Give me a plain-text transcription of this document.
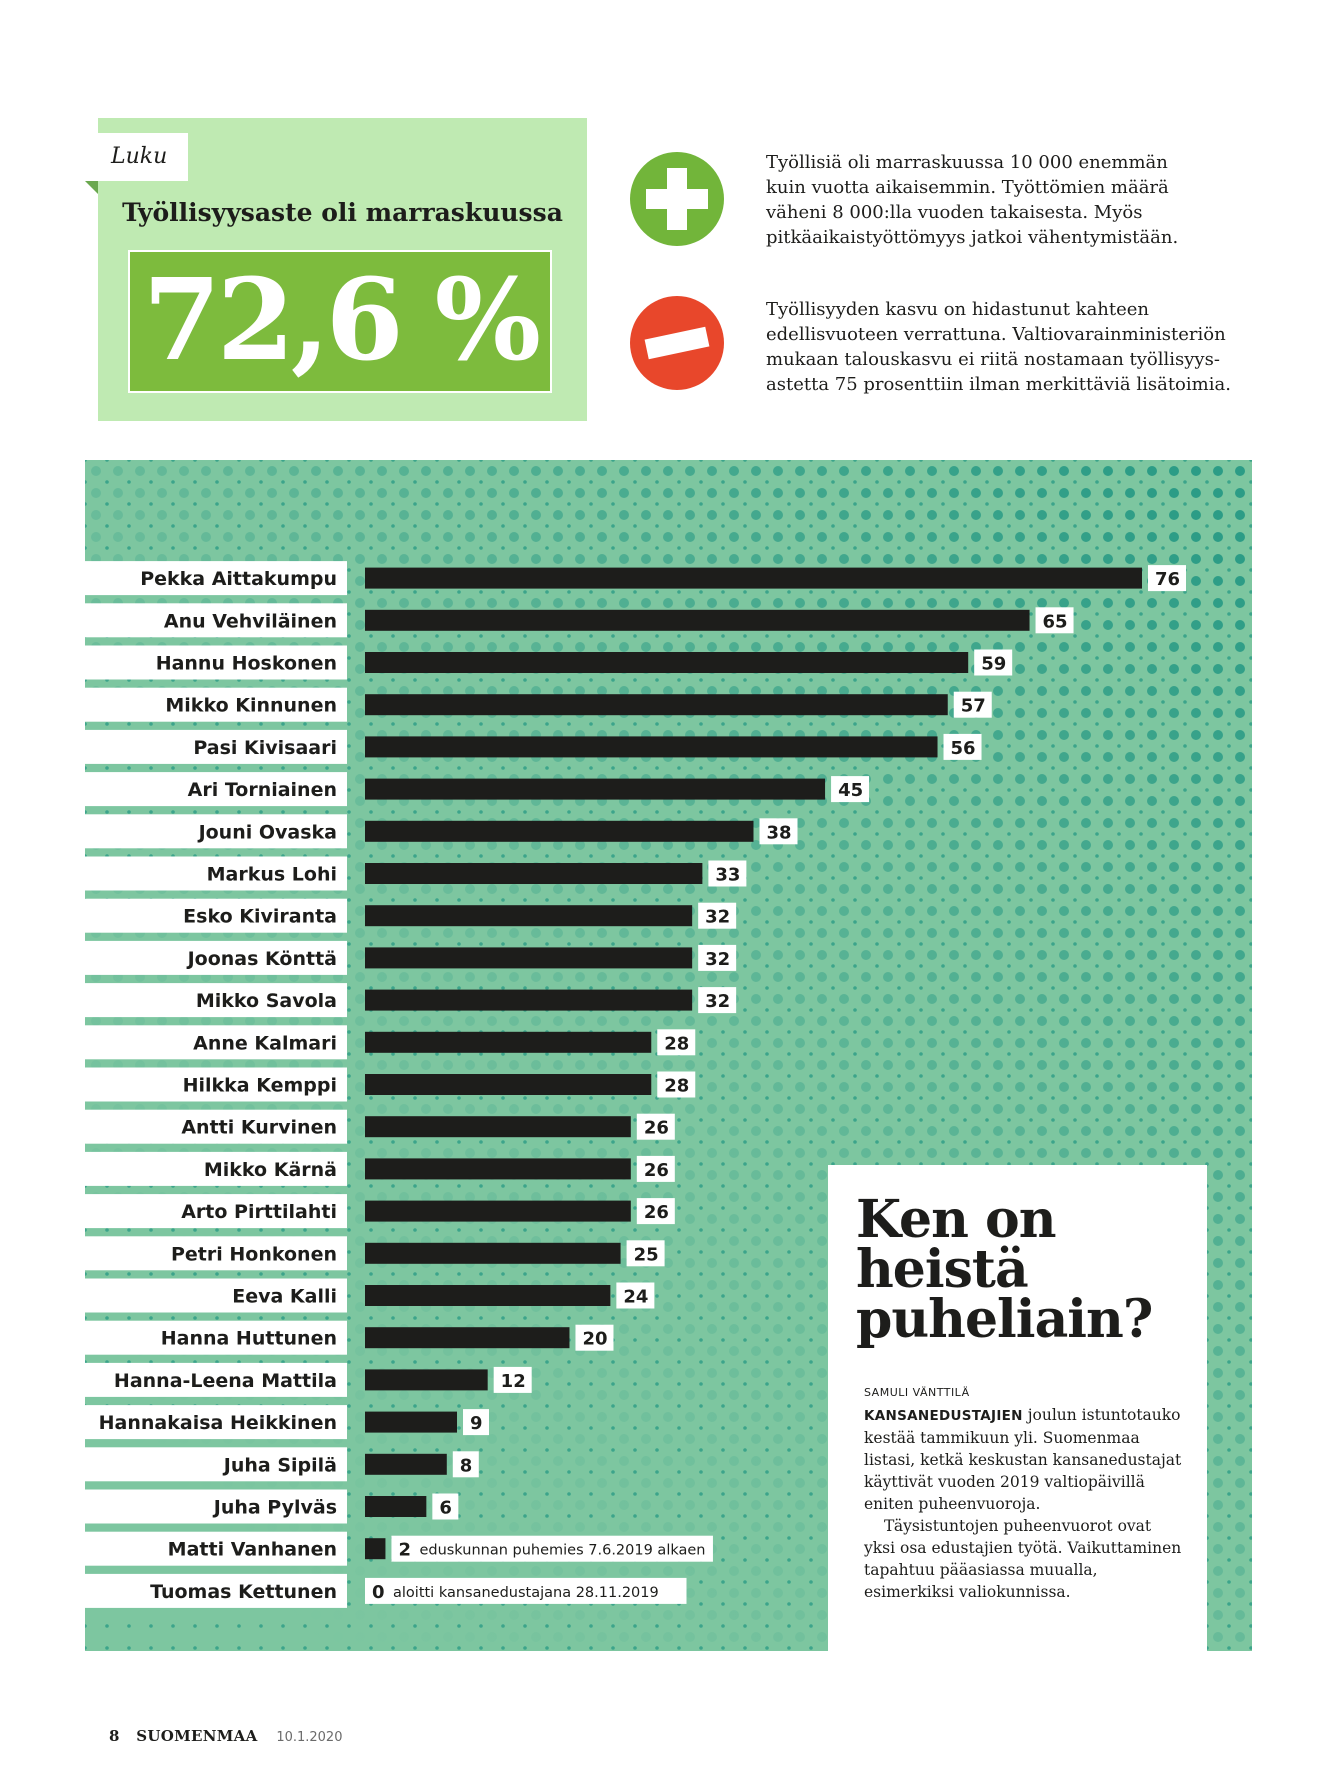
Luku
Työllisyysaste oli marraskuussa
72,6 %
Työllisiä oli marraskuussa 10 000 enemmän
kuin vuotta aikaisemmin. Työttömien määrä
väheni 8 000:lla vuoden takaisesta. Myös
pitkäaikaistyöttömyys jatkoi vähentymistään.
Työllisyyden kasvu on hidastunut kahteen
edellisvuoteen verrattuna. Valtiovarainministeriön
mukaan talouskasvu ei riitä nostamaan työllisyys-
astetta 75 prosenttiin ilman merkittäviä lisätoimia.
Pekka Aittakumpu	76
Anu Vehviläinen	65
Hannu Hoskonen	59
Mikko Kinnunen	57
Pasi Kivisaari	56
Ari Torniainen	45
Jouni Ovaska	38
Markus Lohi	33
Esko Kiviranta	32
Joonas Könttä	32
Mikko Savola	32
Anne Kalmari	28
Hilkka Kemppi	28
Antti Kurvinen	26
Mikko Kärnä	26
Arto Pirttilahti	26
Petri Honkonen	25
Eeva Kalli	24
Hanna Huttunen	20
Hanna-Leena Mattila	12
Hannakaisa Heikkinen	9
Juha Sipilä	8
Juha Pylväs	6
Matti Vanhanen	2 eduskunnan puhemies 7.6.2019 alkaen
Tuomas Kettunen 0 aloitti kansanedustajana 28.11.2019
Ken on
heistä
puheliain?
SAMULI VÄNTTILÄ

KANSANEDUSTAJIEN joulun istuntotauko kestää tammikuun yli. Suomenmaa listasi, ketkä keskustan kansanedustajat käyttivät vuoden 2019 valtiopäivillä eniten puheenvuoroja.

Täysistuntojen puheenvuorot ovat yksi osa edustajien työtä. Vaikuttaminen tapahtuu pääasiassa muualla, esimerkiksi valiokunnissa.

8 SUOMENMAA 10.1.2020
